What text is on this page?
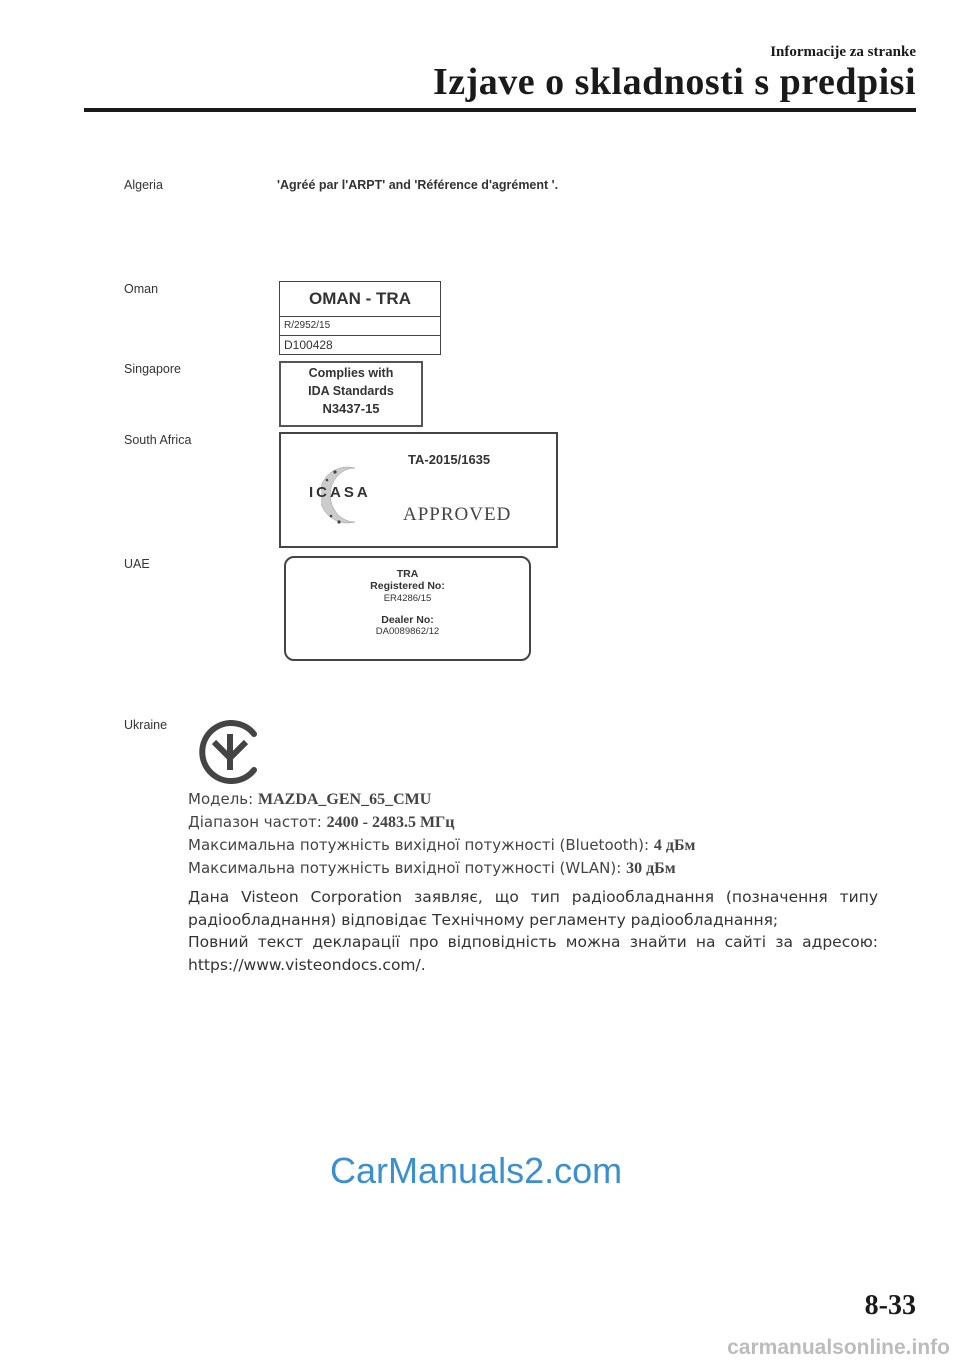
Informacije za stranke
Izjave o skladnosti s predpisi
Algeria	'Agréé par l'ARPT' and 'Référence d'agrément '.
Oman	OMAN - TRA
R/2952/15
D100428
Singapore	Complies with
IDA Standards
N3437-15
South Africa
TA-2015/1635
ICASA
APPROVED
UAE
TRA
Registered No:
ER4286/15
Dealer No:
DA0089862/12
Ukraine
Модель: MAZDA_GEN_65_CMU
Діапазон частот: 2400 - 2483.5 МГц
Максимальна потужність вихідної потужності (Bluetooth): 4 дБм
Максимальна потужність вихідної потужності (WLAN): 30 дБм
Дана Visteon Corporation заявляє, що тип радіообладнання (позначення типу радіообладнання) відповідає Технічному регламенту радіообладнання;
Повний текст декларації про відповідність можна знайти на сайті за адресою: https://www.visteondocs.com/.
CarManuals2.com
8-33
carmanualsonline.info
